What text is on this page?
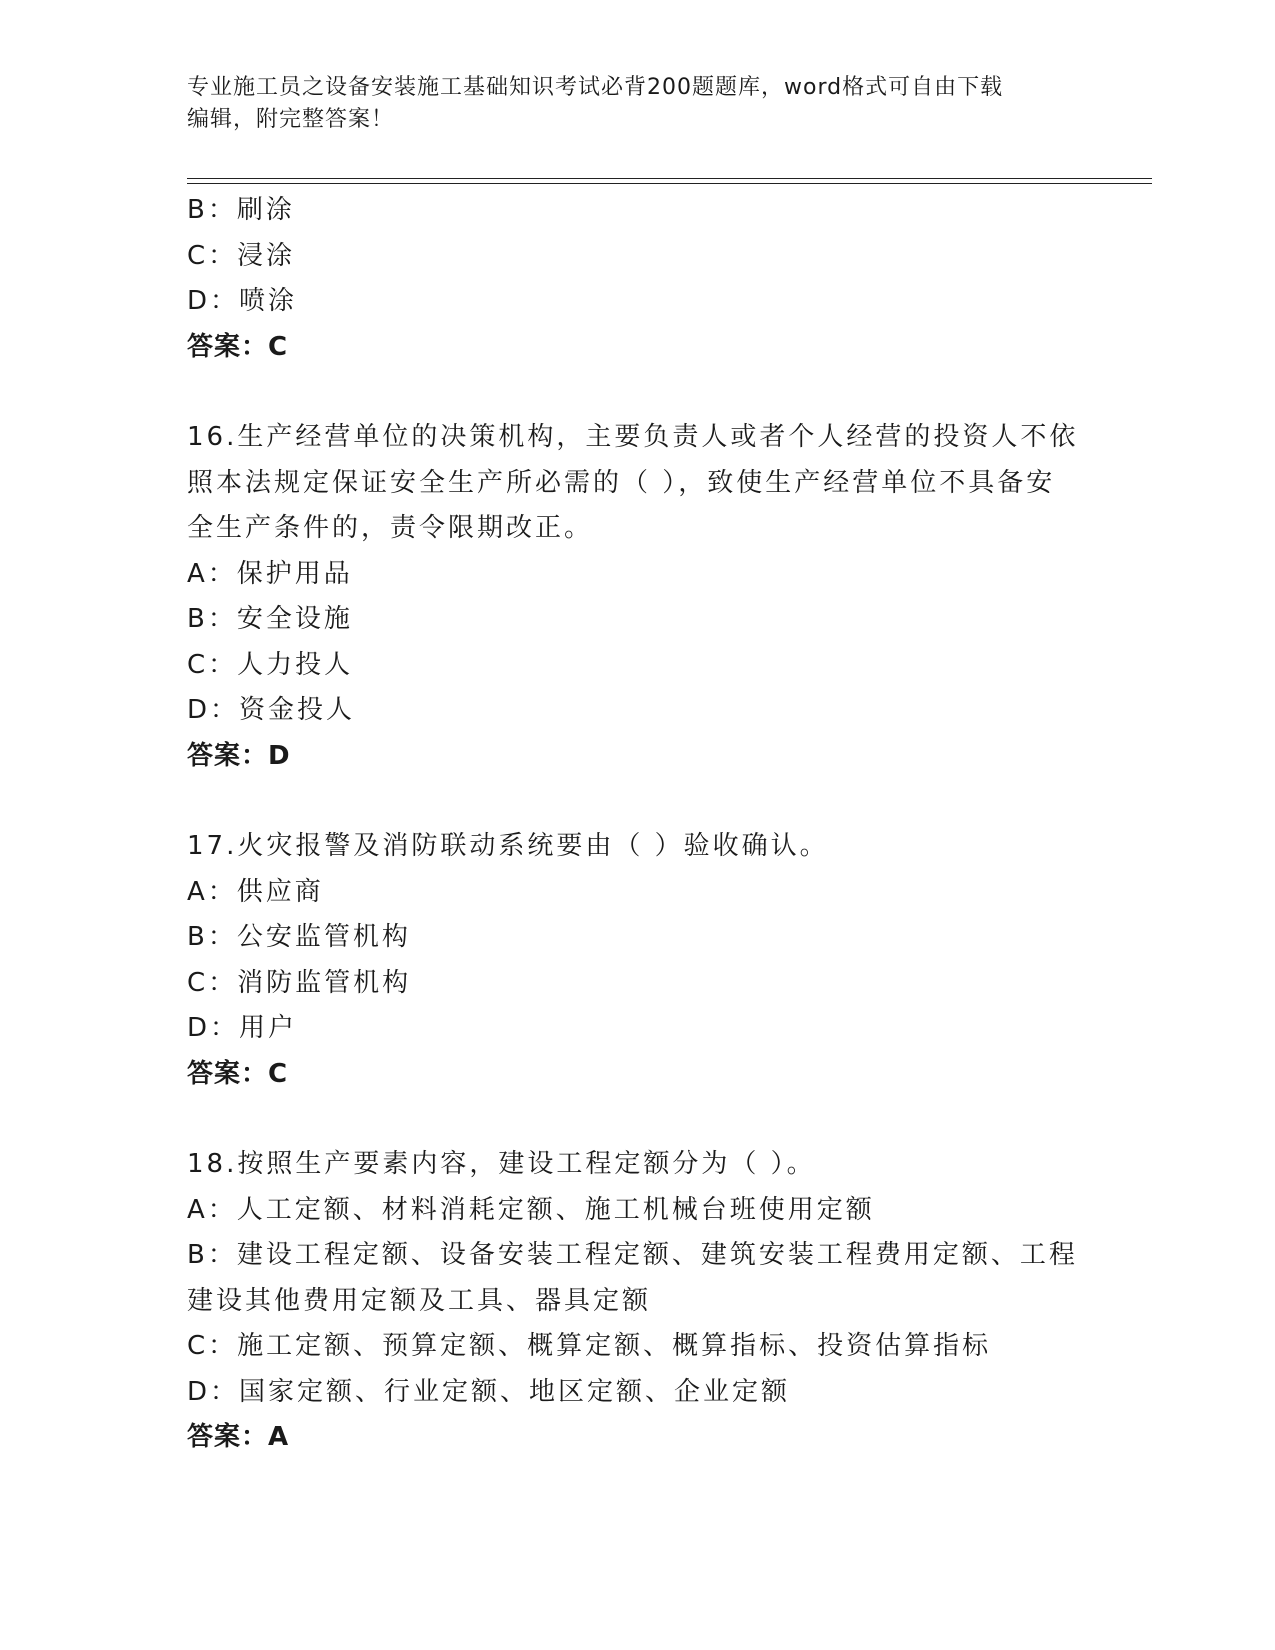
专业施工员之设备安装施工基础知识考试必背200题题库，word格式可自由下载
编辑，附完整答案！

B：刷涂

C：浸涂

D：喷涂

答案：C

16.生产经营单位的决策机构，主要负责人或者个人经营的投资人不依

照本法规定保证安全生产所必需的（ ），致使生产经营单位不具备安

全生产条件的，责令限期改正。

A：保护用品

B：安全设施

C：人力投人

D：资金投人

答案：D

17.火灾报警及消防联动系统要由（ ）验收确认。

A：供应商

B：公安监管机构

C：消防监管机构

D：用户

答案：C

18.按照生产要素内容，建设工程定额分为（ ）。

A：人工定额、材料消耗定额、施工机械台班使用定额

B：建设工程定额、设备安装工程定额、建筑安装工程费用定额、工程

建设其他费用定额及工具、器具定额

C：施工定额、预算定额、概算定额、概算指标、投资估算指标

D：国家定额、行业定额、地区定额、企业定额

答案：A
